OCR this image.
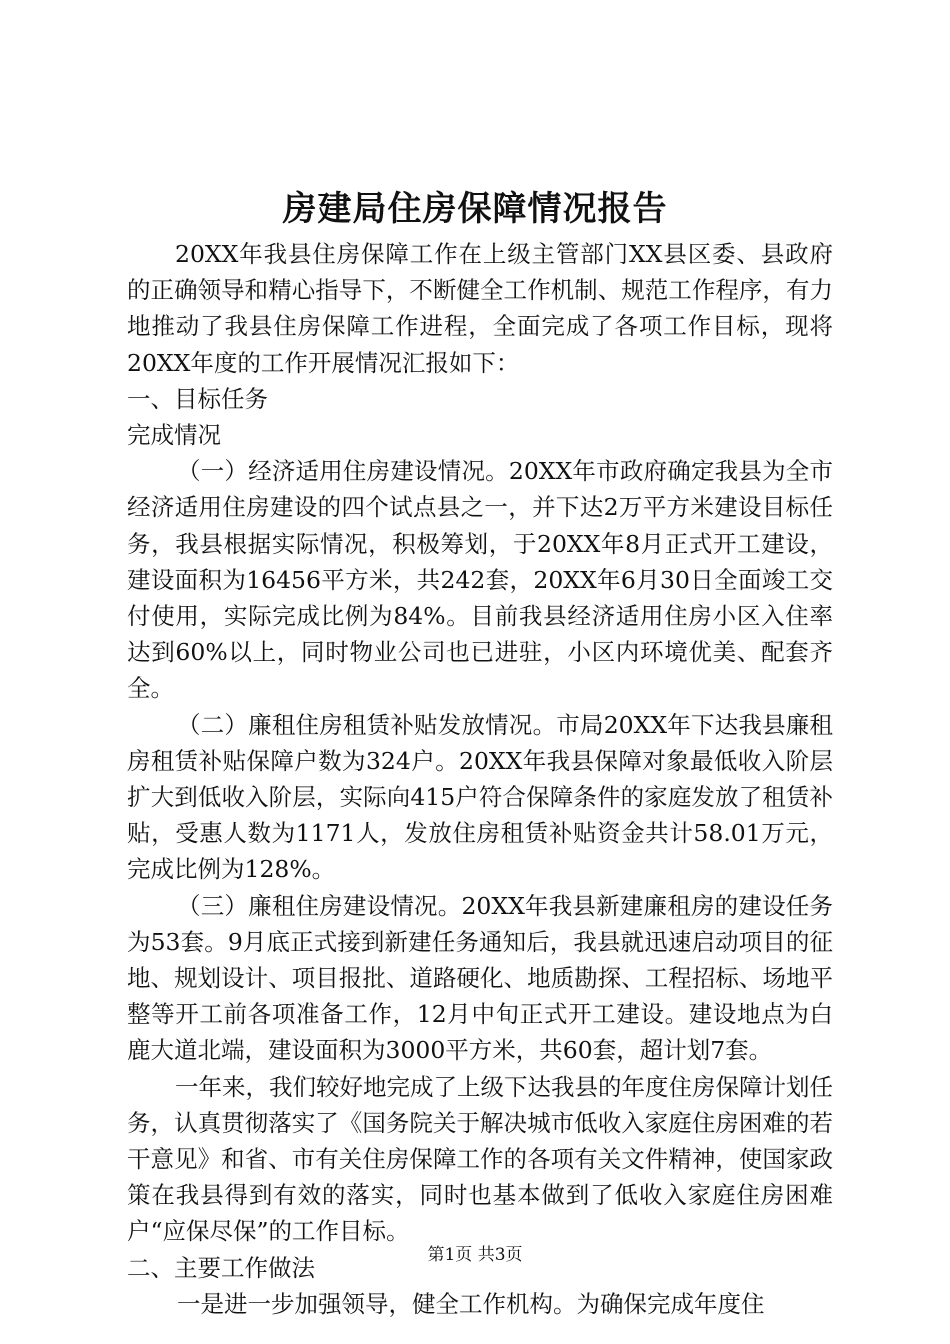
房建局住房保障情况报告

20XX年我县住房保障工作在上级主管部门XX县区委、县政府的正确领导和精心指导下，不断健全工作机制、规范工作程序，有力地推动了我县住房保障工作进程，全面完成了各项工作目标，现将20XX年度的工作开展情况汇报如下：

一、目标任务

完成情况

（一）经济适用住房建设情况。20XX年市政府确定我县为全市经济适用住房建设的四个试点县之一，并下达2万平方米建设目标任务，我县根据实际情况，积极筹划，于20XX年8月正式开工建设，建设面积为16456平方米，共242套，20XX年6月30日全面竣工交付使用，实际完成比例为84%。目前我县经济适用住房小区入住率达到60%以上，同时物业公司也已进驻，小区内环境优美、配套齐全。

（二）廉租住房租赁补贴发放情况。市局20XX年下达我县廉租房租赁补贴保障户数为324户。20XX年我县保障对象最低收入阶层扩大到低收入阶层，实际向415户符合保障条件的家庭发放了租赁补贴，受惠人数为1171人，发放住房租赁补贴资金共计58.01万元，完成比例为128%。

（三）廉租住房建设情况。20XX年我县新建廉租房的建设任务为53套。9月底正式接到新建任务通知后，我县就迅速启动项目的征地、规划设计、项目报批、道路硬化、地质勘探、工程招标、场地平整等开工前各项准备工作，12月中旬正式开工建设。建设地点为白鹿大道北端，建设面积为3000平方米，共60套，超计划7套。

一年来，我们较好地完成了上级下达我县的年度住房保障计划任务，认真贯彻落实了《国务院关于解决城市低收入家庭住房困难的若干意见》和省、市有关住房保障工作的各项有关文件精神，使国家政策在我县得到有效的落实，同时也基本做到了低收入家庭住房困难户“应保尽保”的工作目标。

二、主要工作做法

一是进一步加强领导，健全工作机构。为确保完成年度住

第1页 共3页
